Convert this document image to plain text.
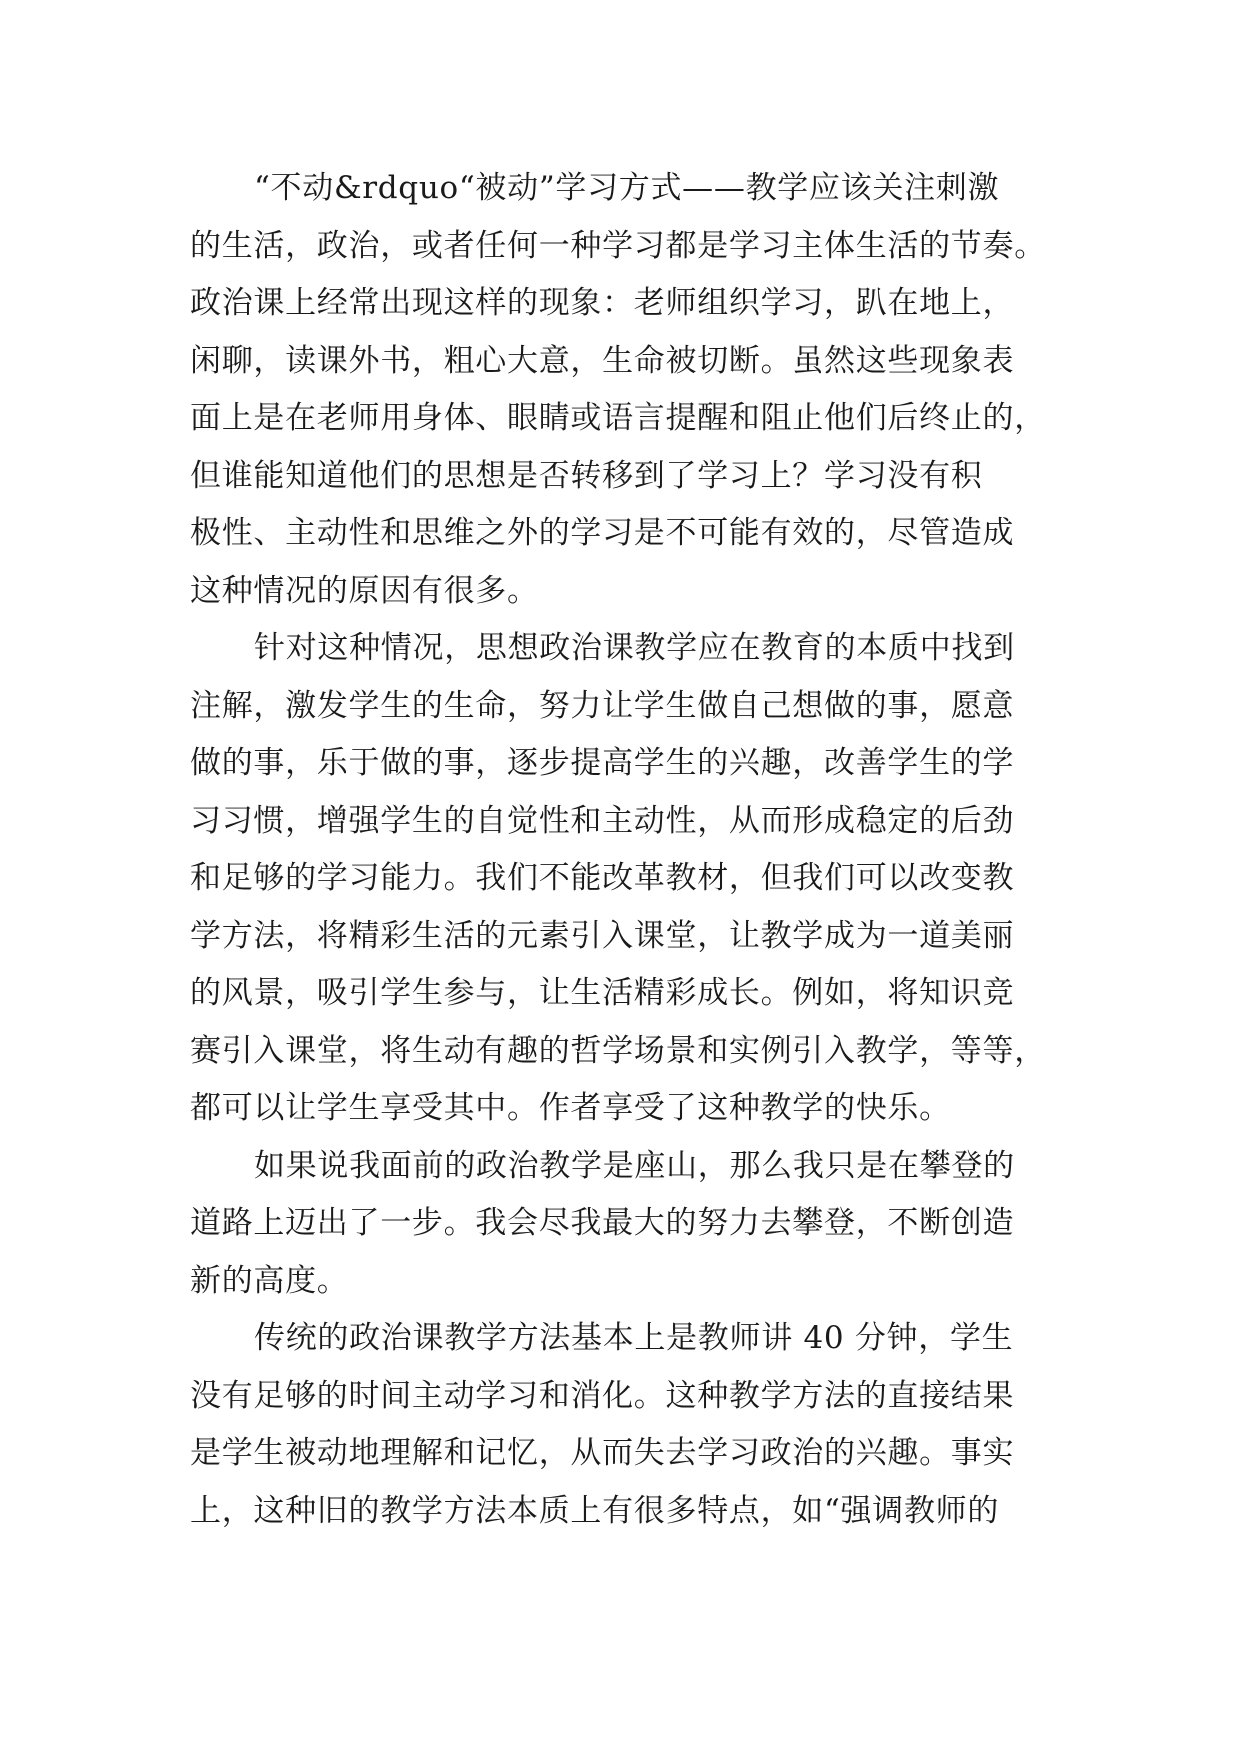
“不动&rdquo“被动”学习方式——教学应该关注刺激
的生活，政治，或者任何一种学习都是学习主体生活的节奏。
政治课上经常出现这样的现象：老师组织学习，趴在地上，
闲聊，读课外书，粗心大意，生命被切断。虽然这些现象表
面上是在老师用身体、眼睛或语言提醒和阻止他们后终止的，
但谁能知道他们的思想是否转移到了学习上？学习没有积
极性、主动性和思维之外的学习是不可能有效的，尽管造成
这种情况的原因有很多。
针对这种情况，思想政治课教学应在教育的本质中找到
注解，激发学生的生命，努力让学生做自己想做的事，愿意
做的事，乐于做的事，逐步提高学生的兴趣，改善学生的学
习习惯，增强学生的自觉性和主动性，从而形成稳定的后劲
和足够的学习能力。我们不能改革教材，但我们可以改变教
学方法，将精彩生活的元素引入课堂，让教学成为一道美丽
的风景，吸引学生参与，让生活精彩成长。例如，将知识竞
赛引入课堂，将生动有趣的哲学场景和实例引入教学，等等，
都可以让学生享受其中。作者享受了这种教学的快乐。
如果说我面前的政治教学是座山，那么我只是在攀登的
道路上迈出了一步。我会尽我最大的努力去攀登，不断创造
新的高度。
传统的政治课教学方法基本上是教师讲 40 分钟，学生
没有足够的时间主动学习和消化。这种教学方法的直接结果
是学生被动地理解和记忆，从而失去学习政治的兴趣。事实
上，这种旧的教学方法本质上有很多特点，如“强调教师的
